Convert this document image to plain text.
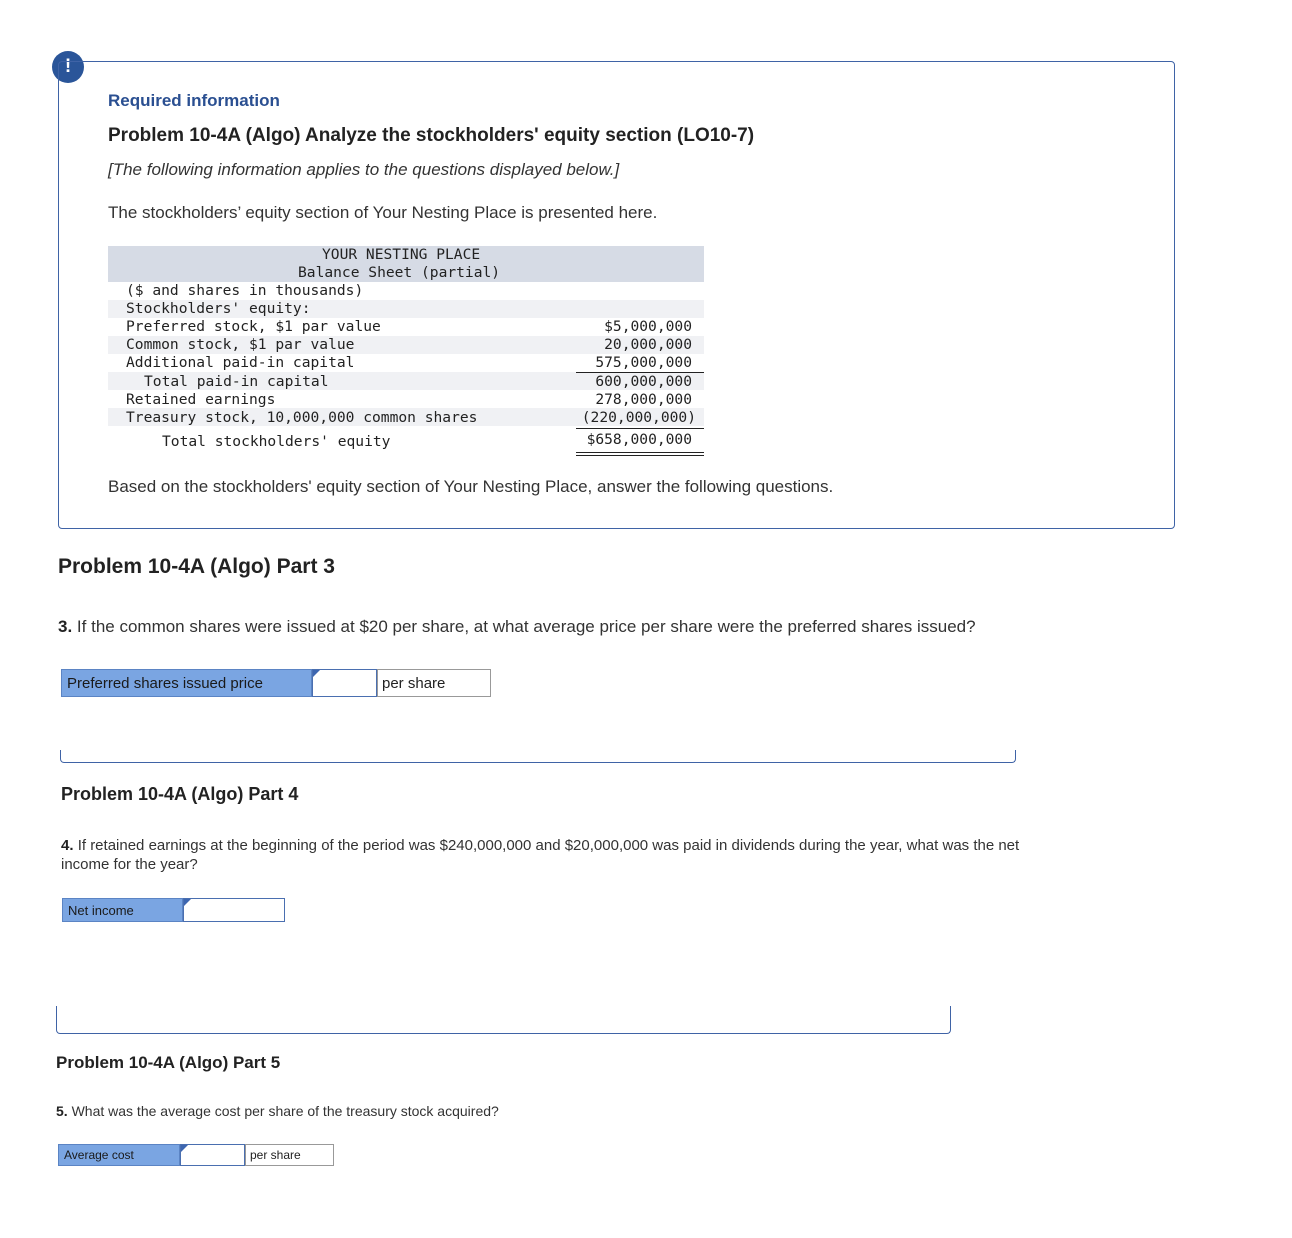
!
Required information
Problem 10-4A (Algo) Analyze the stockholders' equity section (LO10-7)
[The following information applies to the questions displayed below.]
The stockholders’ equity section of Your Nesting Place is presented here.
YOUR NESTING PLACE
Balance Sheet (partial)
($ and shares in thousands)
Stockholders' equity:
Preferred stock, $1 par value	$5,000,000
Common stock, $1 par value	20,000,000
Additional paid-in capital	575,000,000
Total paid-in capital	600,000,000
Retained earnings	278,000,000
Treasury stock, 10,000,000 common shares	(220,000,000)
Total stockholders' equity	$658,000,000
Based on the stockholders' equity section of Your Nesting Place, answer the following questions.
Problem 10-4A (Algo) Part 3
3. If the common shares were issued at $20 per share, at what average price per share were the preferred shares issued?
Preferred shares issued price	per share
Problem 10-4A (Algo) Part 4
4. If retained earnings at the beginning of the period was $240,000,000 and $20,000,000 was paid in dividends during the year, what was the net income for the year?
Net income
Problem 10-4A (Algo) Part 5
5. What was the average cost per share of the treasury stock acquired?
Average cost	per share
